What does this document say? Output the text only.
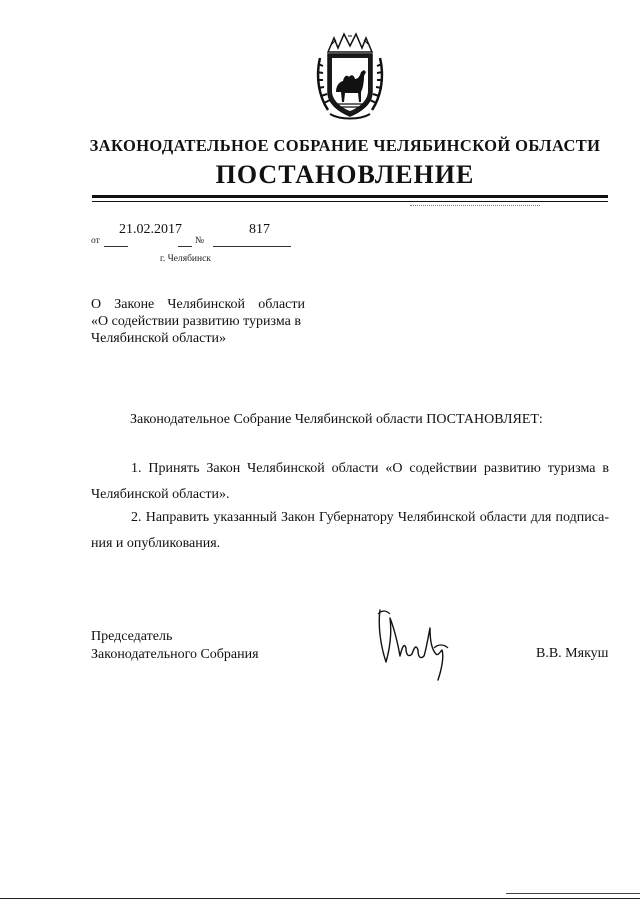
ЗАКОНОДАТЕЛЬНОЕ СОБРАНИЕ ЧЕЛЯБИНСКОЙ ОБЛАСТИ
ПОСТАНОВЛЕНИЕ
21.02.2017	817
от	№
г. Челябинск
О Законе Челябинской области
«О содействии развитию туризма в
Челябинской области»
Законодательное Собрание Челябинской области ПОСТАНОВЛЯЕТ:
1. Принять Закон Челябинской области «О содействии развитию туризма в Челябинской области».
2. Направить указанный Закон Губернатору Челябинской области для подписа-ния и опубликования.
Председатель
Законодательного Собрания	В.В. Мякуш
